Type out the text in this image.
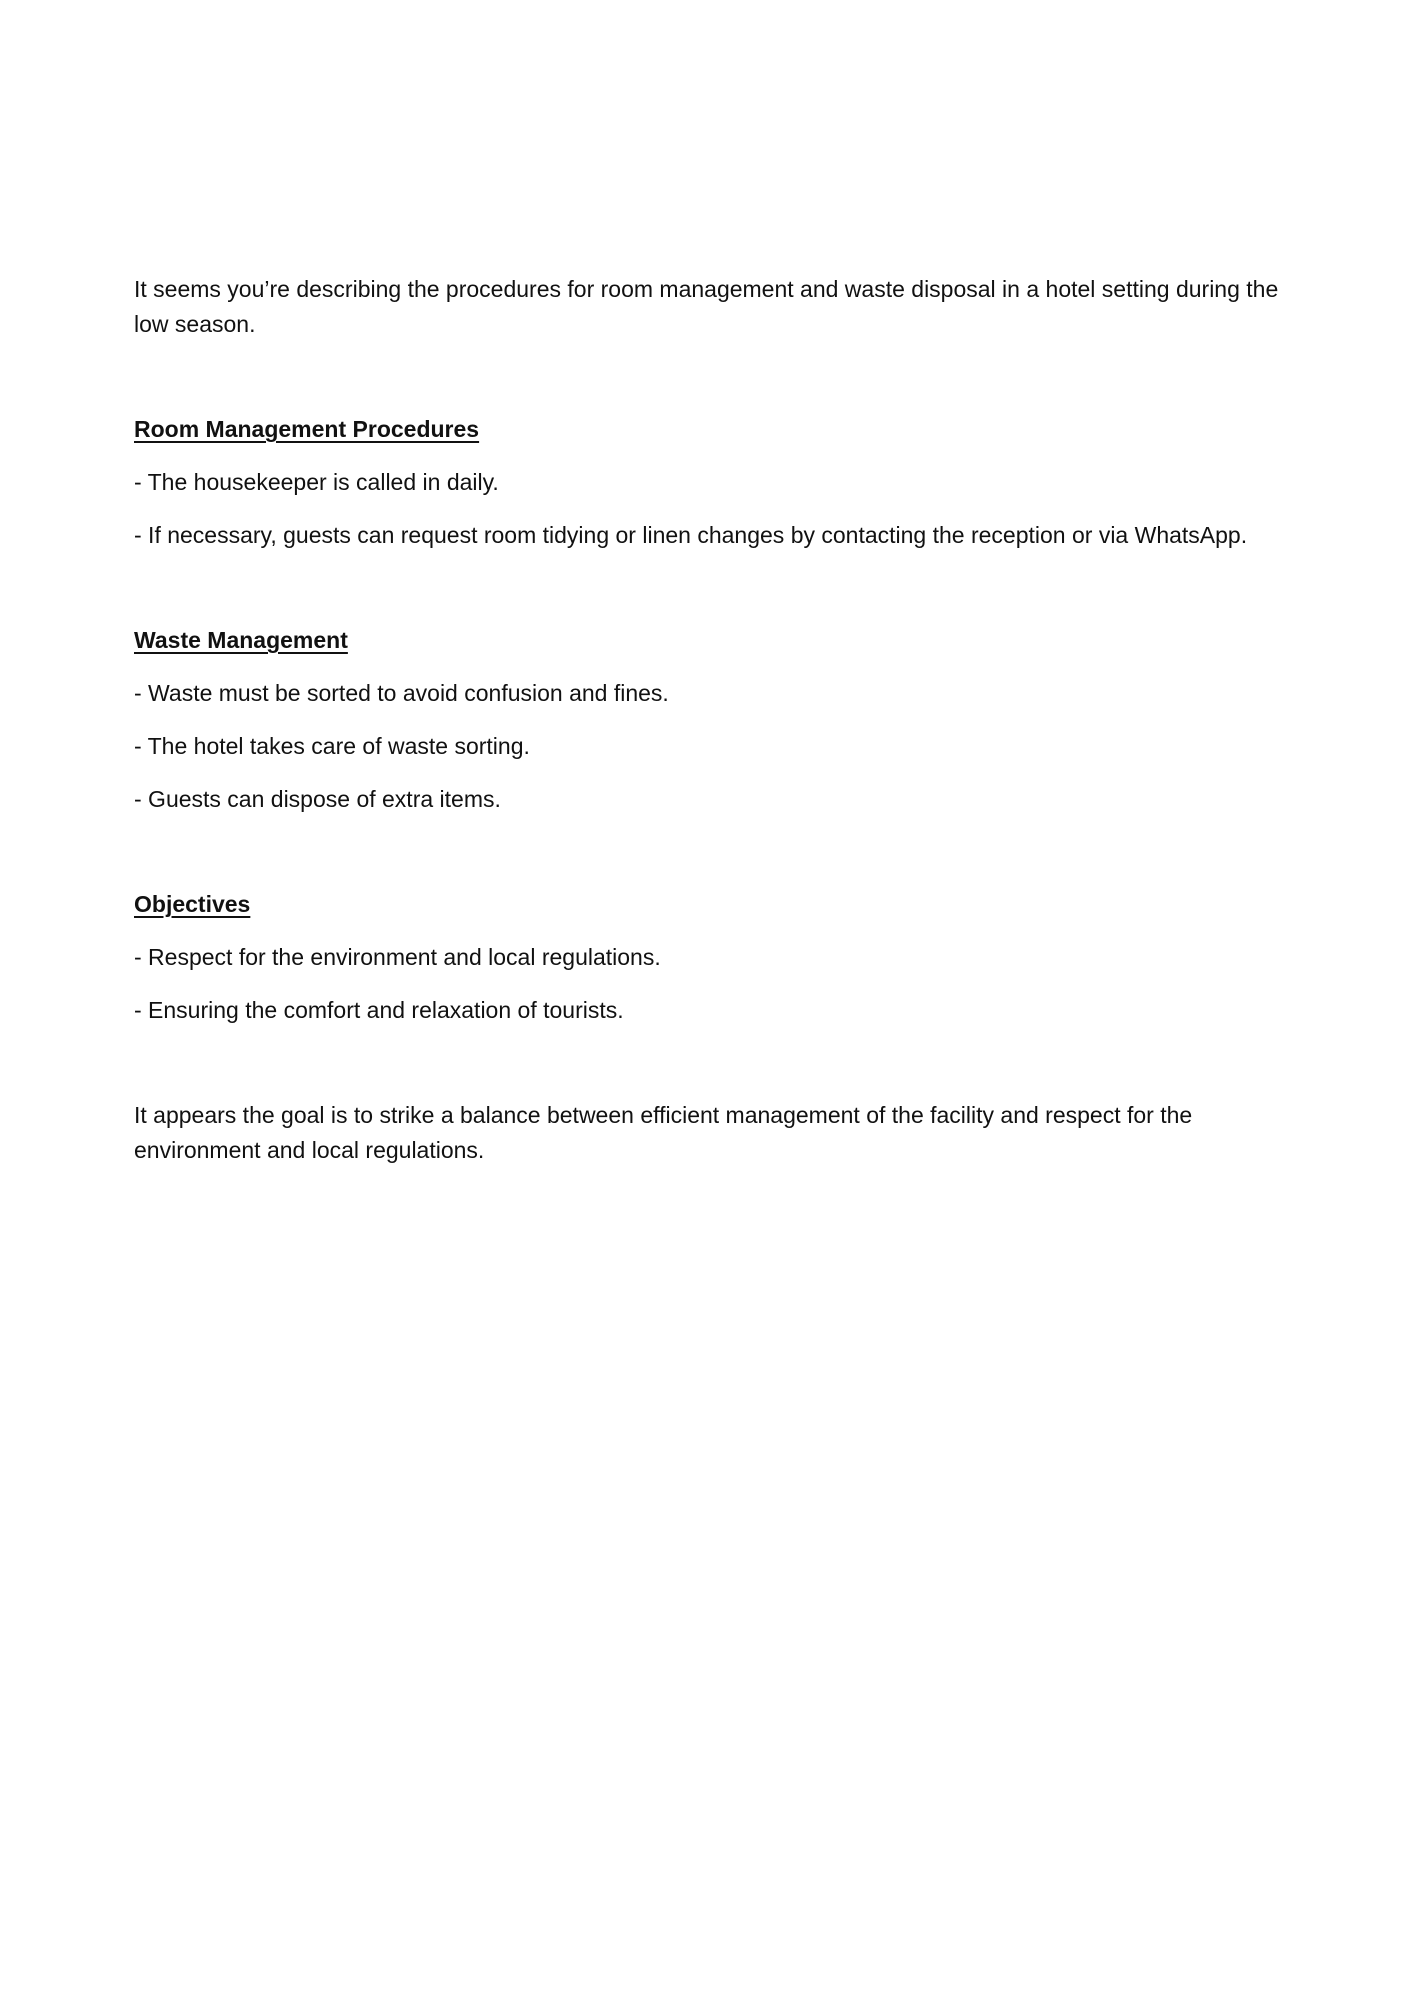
It seems you’re describing the procedures for room management and waste disposal in a hotel setting during the low season.

Room Management Procedures

- The housekeeper is called in daily.

- If necessary, guests can request room tidying or linen changes by contacting the reception or via WhatsApp.

Waste Management

- Waste must be sorted to avoid confusion and fines.

- The hotel takes care of waste sorting.

- Guests can dispose of extra items.

Objectives

- Respect for the environment and local regulations.

- Ensuring the comfort and relaxation of tourists.

It appears the goal is to strike a balance between efficient management of the facility and respect for the environment and local regulations.
